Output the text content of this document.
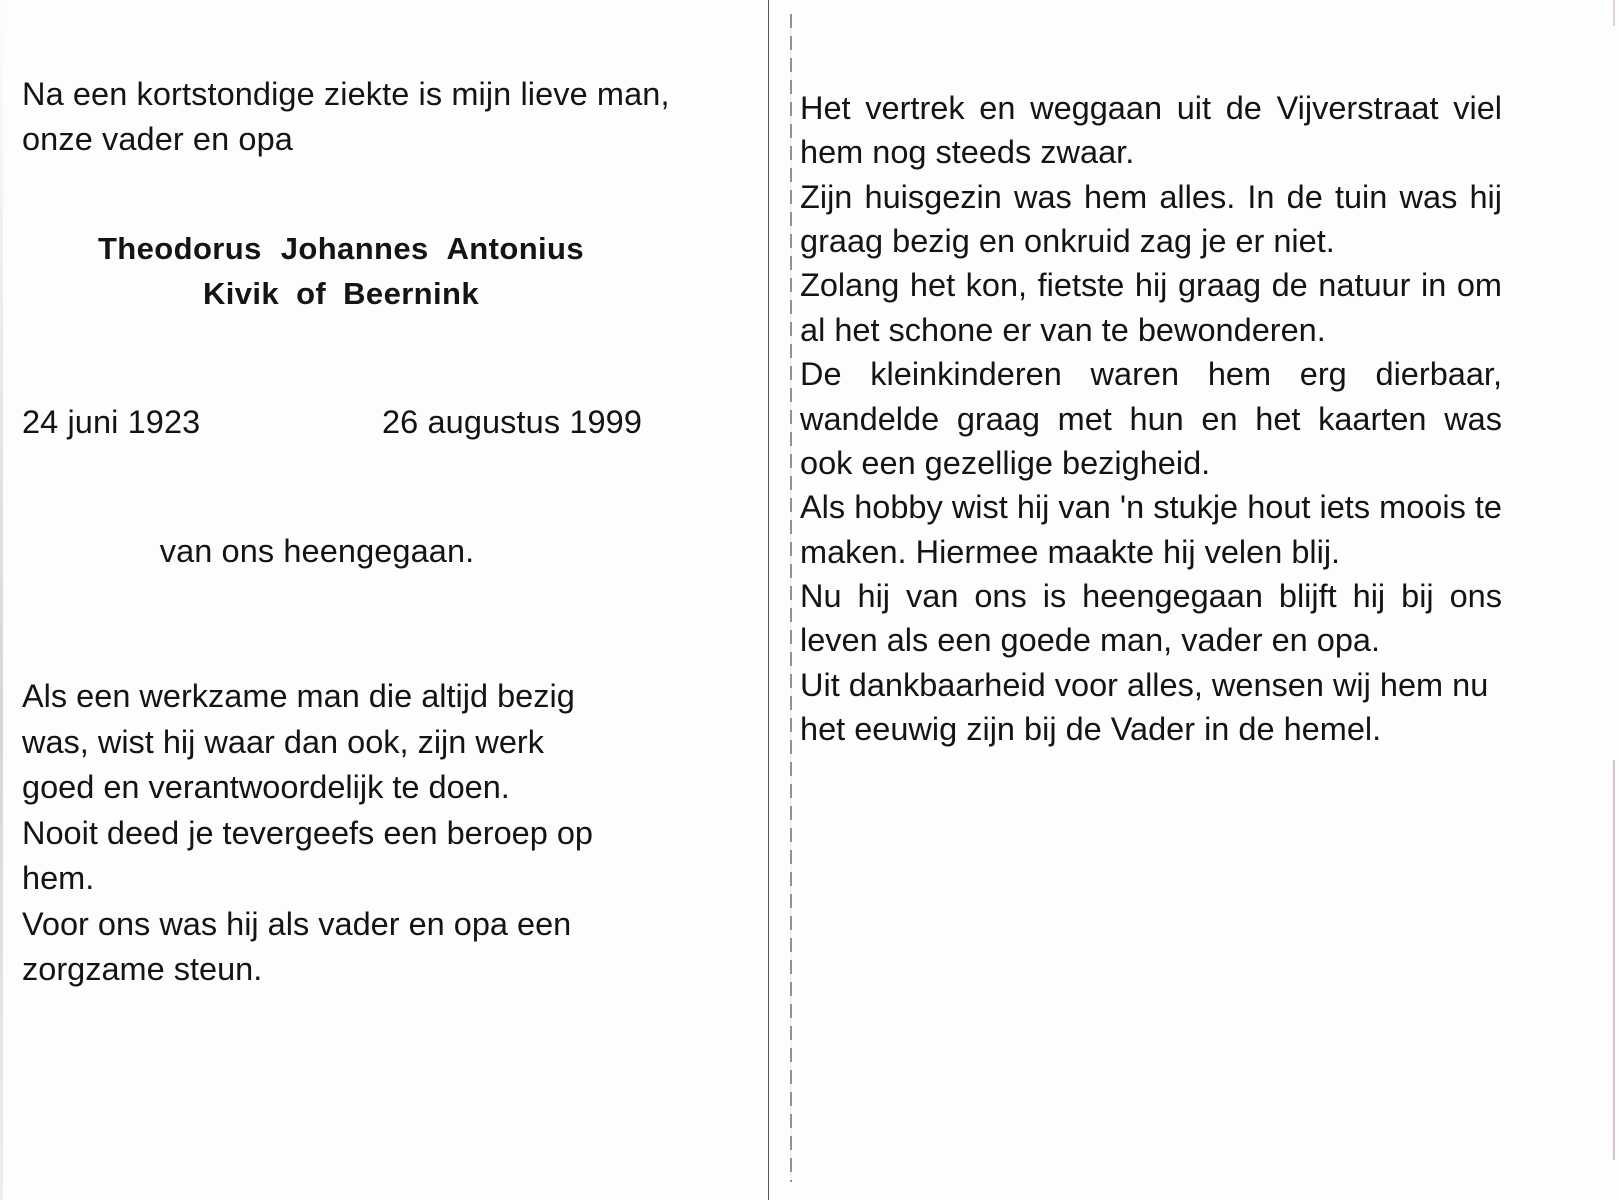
Na een kortstondige ziekte is mijn lieve man, onze vader en opa

Theodorus Johannes Antonius
Kivik of Beernink
24 juni 1923	26 augustus 1999
van ons heengegaan.
Als een werkzame man die altijd bezig
was, wist hij waar dan ook, zijn werk
goed en verantwoordelijk te doen.
Nooit deed je tevergeefs een beroep op
hem.
Voor ons was hij als vader en opa een
zorgzame steun.

Het vertrek en weggaan uit de Vijverstraat viel hem nog steeds zwaar.

Zijn huisgezin was hem alles. In de tuin was hij graag bezig en onkruid zag je er niet.

Zolang het kon, fietste hij graag de natuur in om al het schone er van te bewonderen.

De kleinkinderen waren hem erg dierbaar, wandelde graag met hun en het kaarten was ook een gezellige bezigheid.

Als hobby wist hij van 'n stukje hout iets moois te maken. Hiermee maakte hij velen blij.

Nu hij van ons is heengegaan blijft hij bij ons leven als een goede man, vader en opa.

Uit dankbaarheid voor alles, wensen wij hem nu het eeuwig zijn bij de Vader in de hemel.
